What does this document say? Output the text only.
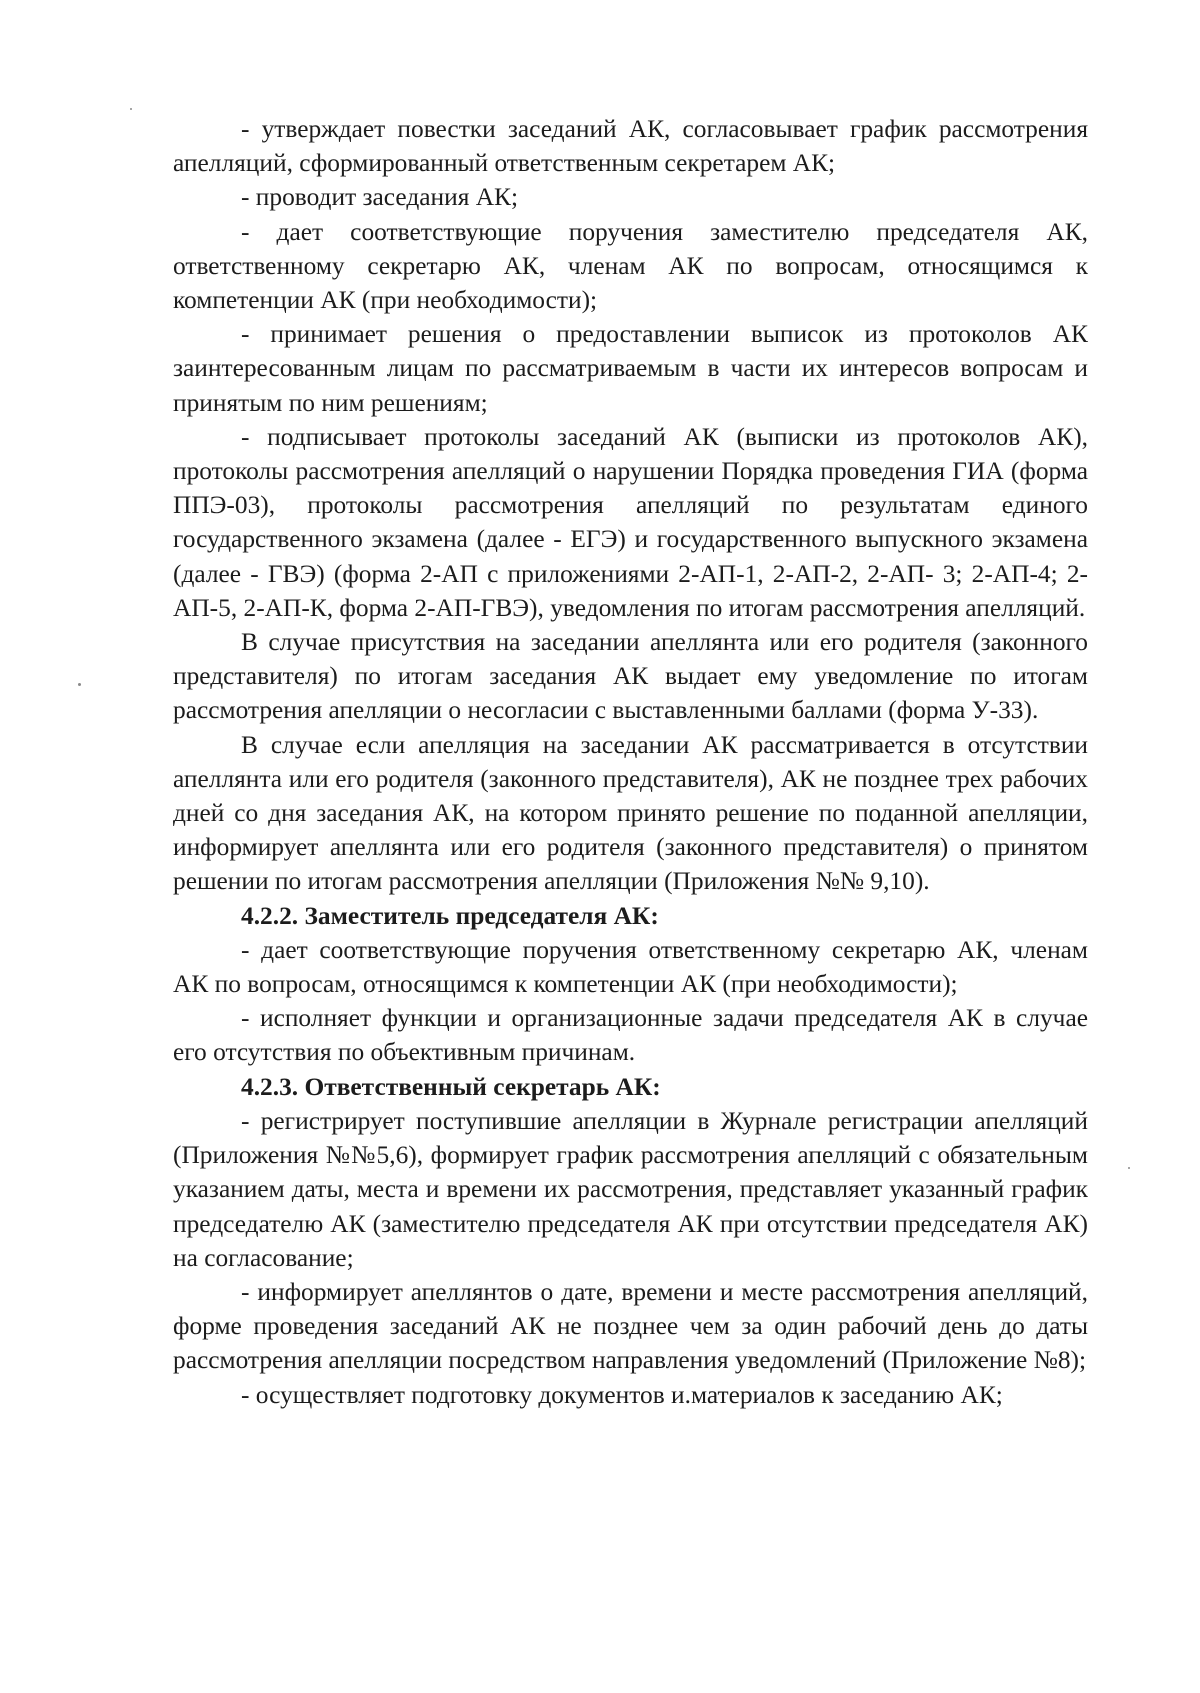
- утверждает повестки заседаний АК, согласовывает график рассмотрения апелляций, сформированный ответственным секретарем АК;

- проводит заседания АК;

- дает соответствующие поручения заместителю председателя АК, ответственному секретарю АК, членам АК по вопросам, относящимся к компетенции АК (при необходимости);

- принимает решения о предоставлении выписок из протоколов АК заинтересованным лицам по рассматриваемым в части их интересов вопросам и принятым по ним решениям;

- подписывает протоколы заседаний АК (выписки из протоколов АК), протоколы рассмотрения апелляций о нарушении Порядка проведения ГИА (форма ППЭ-03), протоколы рассмотрения апелляций по результатам единого государственного экзамена (далее - ЕГЭ) и государственного выпускного экзамена (далее - ГВЭ) (форма 2-АП с приложениями 2-АП-1, 2-АП-2, 2-АП- 3; 2-АП-4; 2-АП-5, 2-АП-К, форма 2-АП-ГВЭ), уведомления по итогам рассмотрения апелляций.

В случае присутствия на заседании апеллянта или его родителя (законного представителя) по итогам заседания АК выдает ему уведомление по итогам рассмотрения апелляции о несогласии с выставленными баллами (форма У-33).

В случае если апелляция на заседании АК рассматривается в отсутствии апеллянта или его родителя (законного представителя), АК не позднее трех рабочих дней со дня заседания АК, на котором принято решение по поданной апелляции, информирует апеллянта или его родителя (законного представителя) о принятом решении по итогам рассмотрения апелляции (Приложения №№ 9,10).

4.2.2. Заместитель председателя АК:

- дает соответствующие поручения ответственному секретарю АК, членам АК по вопросам, относящимся к компетенции АК (при необходимости);

- исполняет функции и организационные задачи председателя АК в случае его отсутствия по объективным причинам.

4.2.3. Ответственный секретарь АК:

- регистрирует поступившие апелляции в Журнале регистрации апелляций (Приложения №№5,6), формирует график рассмотрения апелляций с обязательным указанием даты, места и времени их рассмотрения, представляет указанный график председателю АК (заместителю председателя АК при отсутствии председателя АК) на согласование;

- информирует апеллянтов о дате, времени и месте рассмотрения апелляций, форме проведения заседаний АК не позднее чем за один рабочий день до даты рассмотрения апелляции посредством направления уведомлений (Приложение №8);

- осуществляет подготовку документов и.материалов к заседанию АК;
